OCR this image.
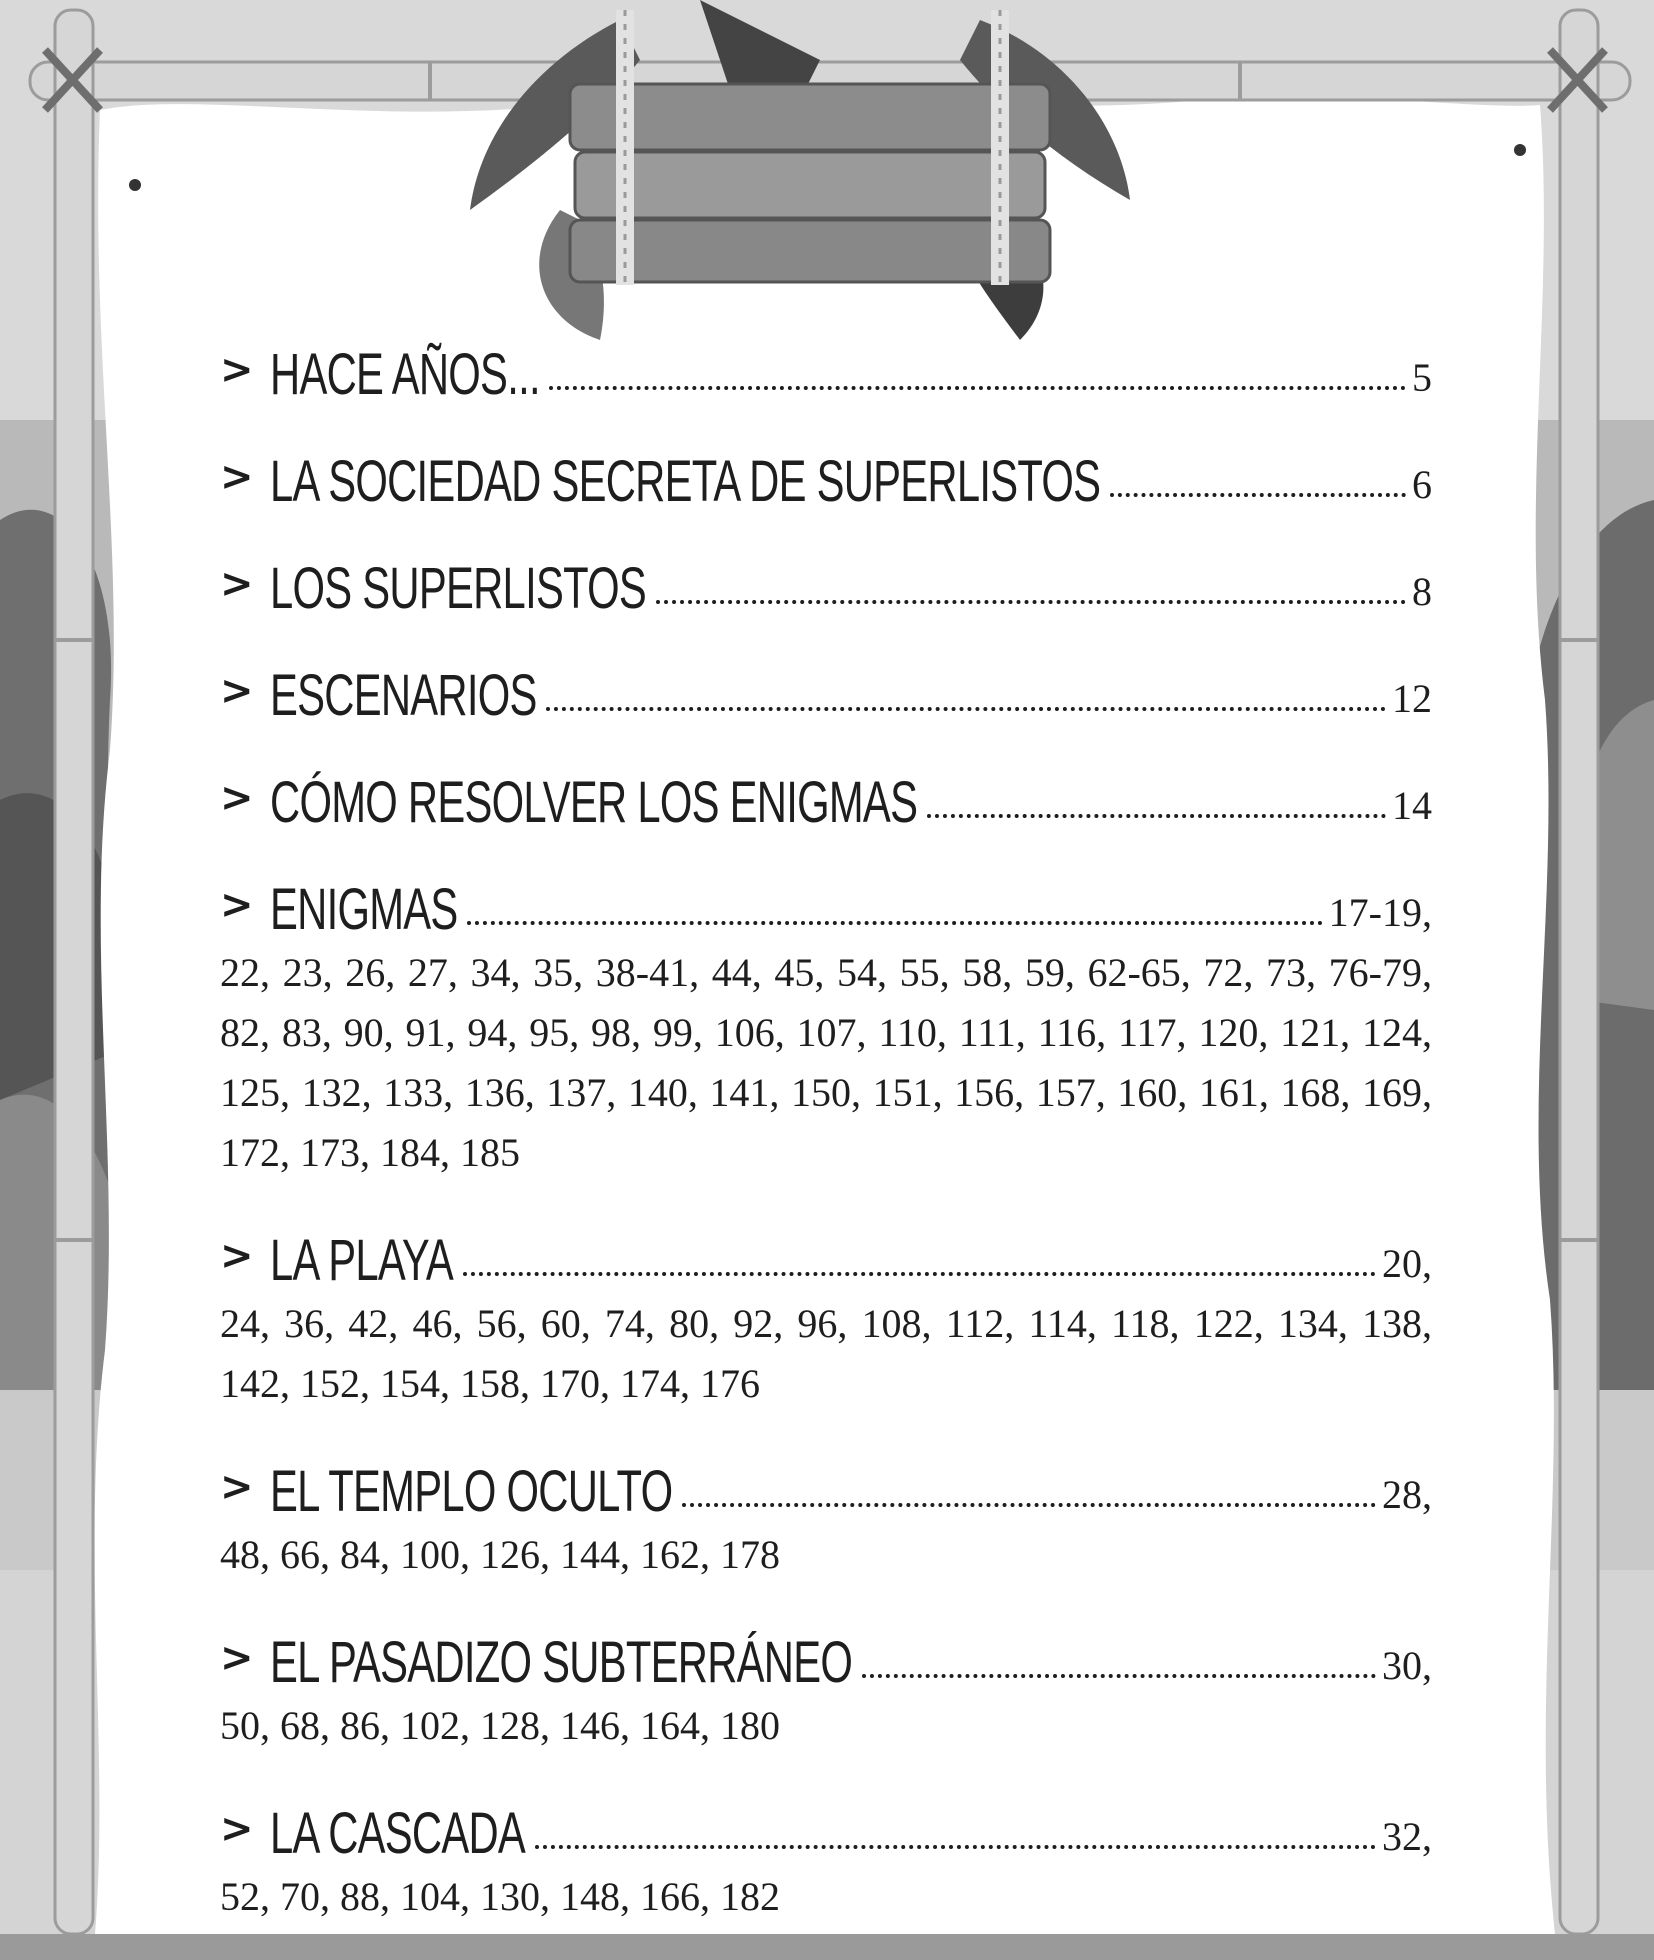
> HACE AÑOS...	5
> LA SOCIEDAD SECRETA DE SUPERLISTOS	6
> LOS SUPERLISTOS	8
> ESCENARIOS	12
> CÓMO RESOLVER LOS ENIGMAS	14
> ENIGMAS	17-19,
22, 23, 26, 27, 34, 35, 38-41, 44, 45, 54, 55, 58, 59, 62-65, 72, 73, 76-79, 82, 83, 90, 91, 94, 95, 98, 99, 106, 107, 110, 111, 116, 117, 120, 121, 124, 125, 132, 133, 136, 137, 140, 141, 150, 151, 156, 157, 160, 161, 168, 169, 172, 173, 184, 185
> LA PLAYA	20,
24, 36, 42, 46, 56, 60, 74, 80, 92, 96, 108, 112, 114, 118, 122, 134, 138, 142, 152, 154, 158, 170, 174, 176
> EL TEMPLO OCULTO	28,
48, 66, 84, 100, 126, 144, 162, 178
> EL PASADIZO SUBTERRÁNEO	30,
50, 68, 86, 102, 128, 146, 164, 180
> LA CASCADA	32,
52, 70, 88, 104, 130, 148, 166, 182
